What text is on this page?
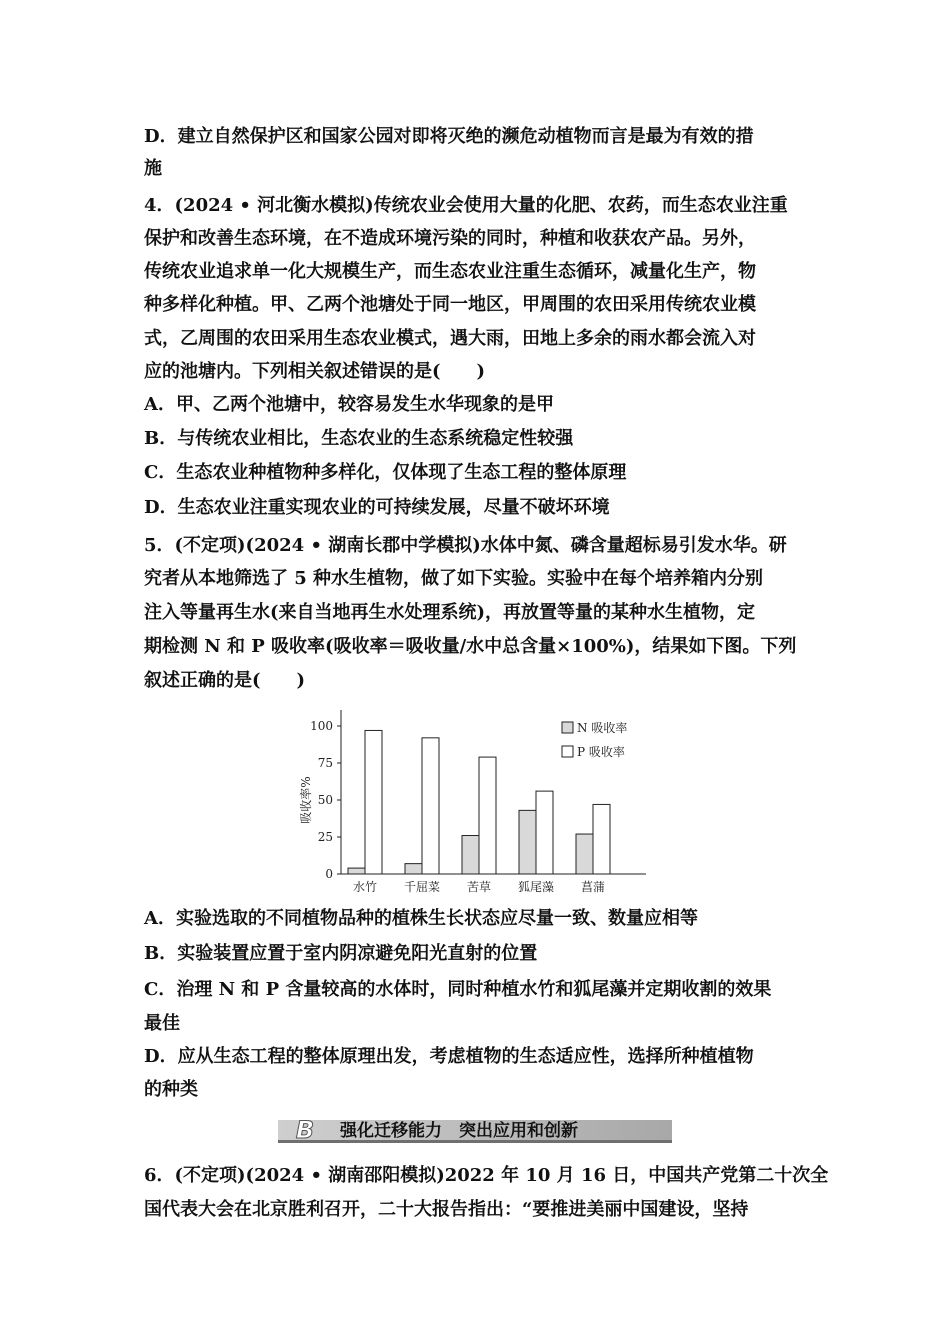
D．建立自然保护区和国家公园对即将灭绝的濒危动植物而言是最为有效的措
施
4．(2024 • 河北衡水模拟)传统农业会使用大量的化肥、农药，而生态农业注重
保护和改善生态环境，在不造成环境污染的同时，种植和收获农产品。另外，
传统农业追求单一化大规模生产，而生态农业注重生态循环，减量化生产，物
种多样化种植。甲、乙两个池塘处于同一地区，甲周围的农田采用传统农业模
式，乙周围的农田采用生态农业模式，遇大雨，田地上多余的雨水都会流入对
应的池塘内。下列相关叙述错误的是(　　)
A．甲、乙两个池塘中，较容易发生水华现象的是甲
B．与传统农业相比，生态农业的生态系统稳定性较强
C．生态农业种植物种多样化，仅体现了生态工程的整体原理
D．生态农业注重实现农业的可持续发展，尽量不破坏环境
5．(不定项)(2024 • 湖南长郡中学模拟)水体中氮、磷含量超标易引发水华。研
究者从本地筛选了 5 种水生植物，做了如下实验。实验中在每个培养箱内分别
注入等量再生水(来自当地再生水处理系统)，再放置等量的某种水生植物，定
期检测 N 和 P 吸收率(吸收率＝吸收量/水中总含量×100%)，结果如下图。下列
叙述正确的是(　　)
A．实验选取的不同植物品种的植株生长状态应尽量一致、数量应相等
B．实验装置应置于室内阴凉避免阳光直射的位置
C．治理 N 和 P 含量较高的水体时，同时种植水竹和狐尾藻并定期收割的效果
最佳
D．应从生态工程的整体原理出发，考虑植物的生态适应性，选择所种植植物
的种类
6．(不定项)(2024 • 湖南邵阳模拟)2022 年 10 月 16 日，中国共产党第二十次全
国代表大会在北京胜利召开，二十大报告指出：“要推进美丽中国建设，坚持
0
25
50
75
100
吸收率%
水竹 千屈菜 苦草 狐尾藻 菖蒲
N 吸收率
P 吸收率
B 强化迁移能力　突出应用和创新
